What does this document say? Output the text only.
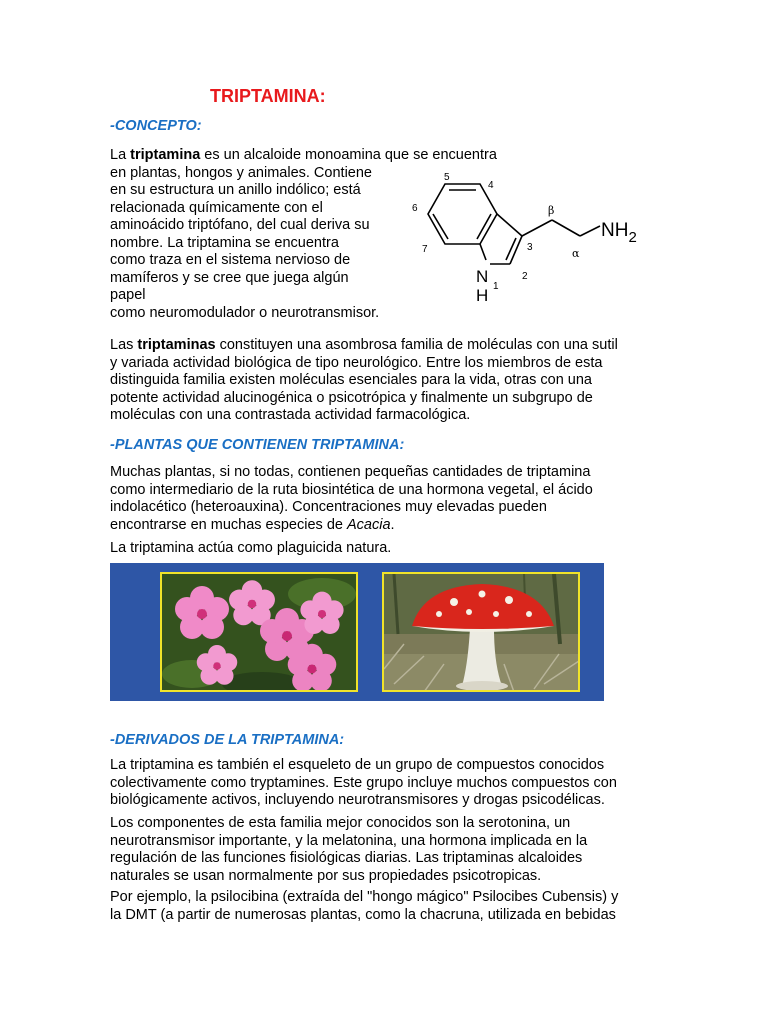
TRIPTAMINA:
-CONCEPTO:

La triptamina es un alcaloide monoamina que se encuentra
en plantas, hongos y animales. Contiene
en su estructura un anillo indólico; está
relacionada químicamente con el
aminoácido triptófano, del cual deriva su
nombre. La triptamina se encuentra
como traza en el sistema nervioso de
mamíferos y se cree que juega algún
papel
como neuromodulador o neurotransmisor.

Las triptaminas constituyen una asombrosa familia de moléculas con una sutil
y variada actividad biológica de tipo neurológico. Entre los miembros de esta
distinguida familia existen moléculas esenciales para la vida, otras con una
potente actividad alucinogénica o psicotrópica y finalmente un subgrupo de
moléculas con una contrastada actividad farmacológica.

-PLANTAS QUE CONTIENEN TRIPTAMINA:

Muchas plantas, si no todas, contienen pequeñas cantidades de triptamina
como intermediario de la ruta biosintética de una hormona vegetal, el ácido
indolacético (heteroauxina). Concentraciones muy elevadas pueden
encontrarse en muchas especies de Acacia.

La triptamina actúa como plaguicida natura.

-DERIVADOS DE LA TRIPTAMINA:

La triptamina es también el esqueleto de un grupo de compuestos conocidos
colectivamente como tryptamines. Este grupo incluye muchos compuestos con
biológicamente activos, incluyendo neurotransmisores y drogas psicodélicas.

Los componentes de esta familia mejor conocidos son la serotonina, un
neurotransmisor importante, y la melatonina, una hormona implicada en la
regulación de las funciones fisiológicas diarias. Las triptaminas alcaloides
naturales se usan normalmente por sus propiedades psicotropicas.

Por ejemplo, la psilocibina (extraída del "hongo mágico" Psilocibes Cubensis) y
la DMT (a partir de numerosas plantas, como la chacruna, utilizada en bebidas

5
4
6
7
β
α
3
2
1
N
H
$NH_2$
